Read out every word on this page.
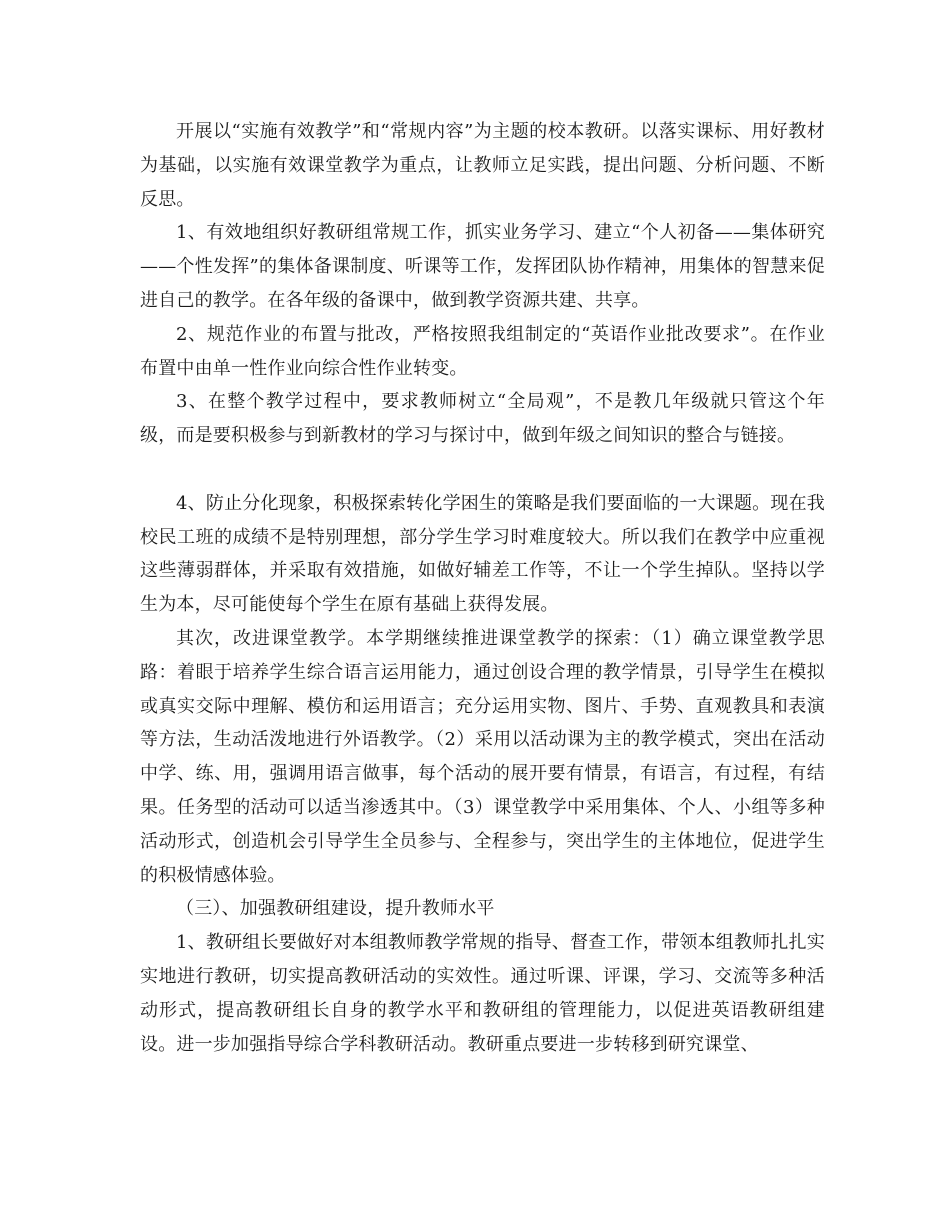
开展以“实施有效教学”和“常规内容”为主题的校本教研。以落实课标、用好教材为基础，以实施有效课堂教学为重点，让教师立足实践，提出问题、分析问题、不断反思。

1、有效地组织好教研组常规工作，抓实业务学习、建立“个人初备——集体研究——个性发挥”的集体备课制度、听课等工作，发挥团队协作精神，用集体的智慧来促进自己的教学。在各年级的备课中，做到教学资源共建、共享。

2、规范作业的布置与批改，严格按照我组制定的“英语作业批改要求”。在作业布置中由单一性作业向综合性作业转变。

3、在整个教学过程中，要求教师树立“全局观”，不是教几年级就只管这个年级，而是要积极参与到新教材的学习与探讨中，做到年级之间知识的整合与链接。

4、防止分化现象，积极探索转化学困生的策略是我们要面临的一大课题。现在我校民工班的成绩不是特别理想，部分学生学习时难度较大。所以我们在教学中应重视这些薄弱群体，并采取有效措施，如做好辅差工作等，不让一个学生掉队。坚持以学生为本，尽可能使每个学生在原有基础上获得发展。

其次，改进课堂教学。本学期继续推进课堂教学的探索：（1）确立课堂教学思路：着眼于培养学生综合语言运用能力，通过创设合理的教学情景，引导学生在模拟或真实交际中理解、模仿和运用语言；充分运用实物、图片、手势、直观教具和表演等方法，生动活泼地进行外语教学。（2）采用以活动课为主的教学模式，突出在活动中学、练、用，强调用语言做事，每个活动的展开要有情景，有语言，有过程，有结果。任务型的活动可以适当渗透其中。（3）课堂教学中采用集体、个人、小组等多种活动形式，创造机会引导学生全员参与、全程参与，突出学生的主体地位，促进学生的积极情感体验。

（三）、加强教研组建设，提升教师水平

1、教研组长要做好对本组教师教学常规的指导、督查工作，带领本组教师扎扎实实地进行教研，切实提高教研活动的实效性。通过听课、评课，学习、交流等多种活动形式，提高教研组长自身的教学水平和教研组的管理能力，以促进英语教研组建设。进一步加强指导综合学科教研活动。教研重点要进一步转移到研究课堂、
